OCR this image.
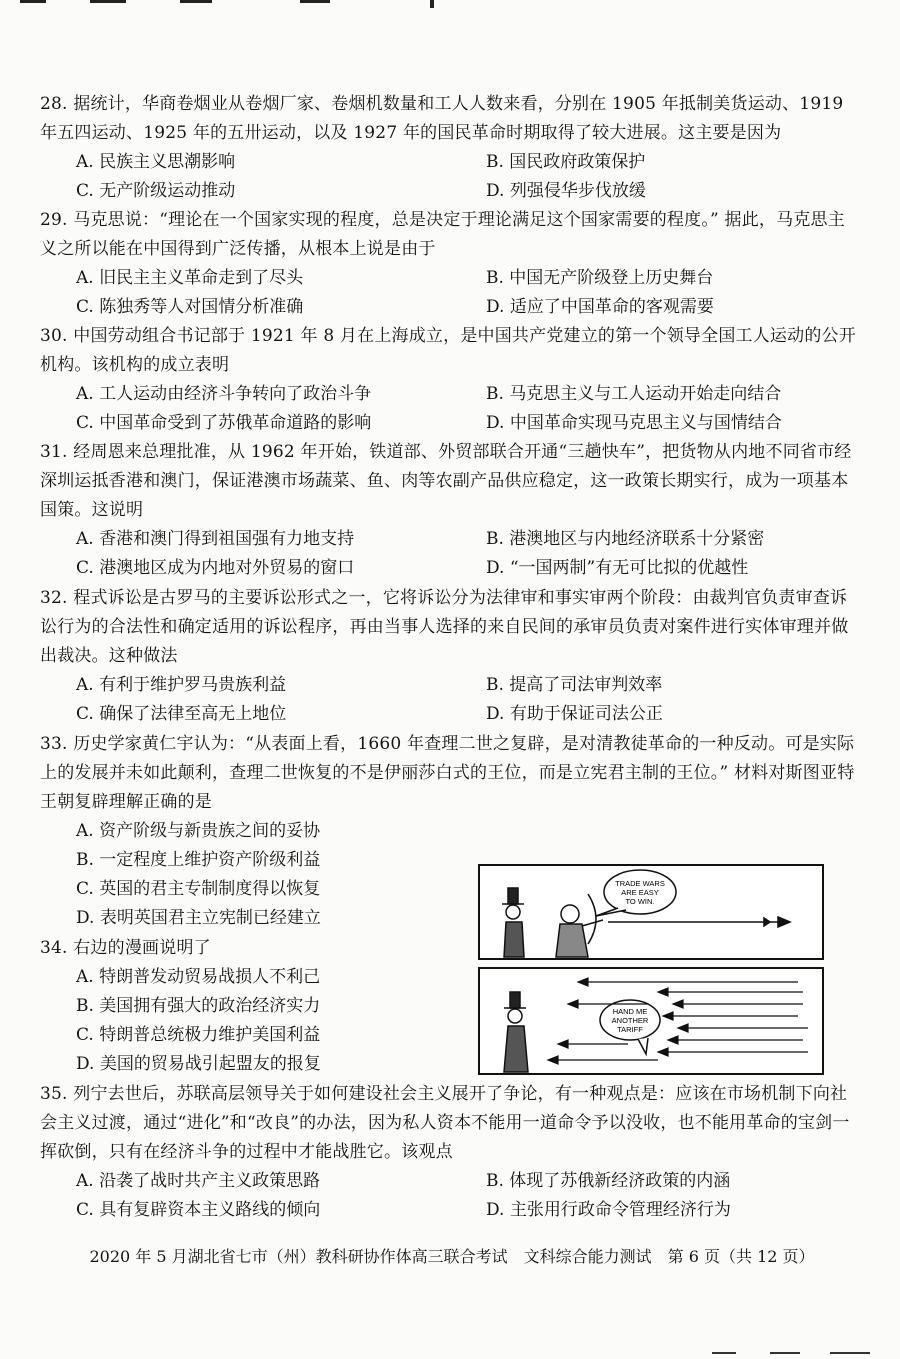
28. 据统计，华商卷烟业从卷烟厂家、卷烟机数量和工人人数来看，分别在 1905 年抵制美货运动、1919 年五四运动、1925 年的五卅运动，以及 1927 年的国民革命时期取得了较大进展。这主要是因为

A. 民族主义思潮影响	B. 国民政府政策保护
C. 无产阶级运动推动	D. 列强侵华步伐放缓

29. 马克思说：“理论在一个国家实现的程度，总是决定于理论满足这个国家需要的程度。” 据此，马克思主义之所以能在中国得到广泛传播，从根本上说是由于

A. 旧民主主义革命走到了尽头	B. 中国无产阶级登上历史舞台
C. 陈独秀等人对国情分析准确	D. 适应了中国革命的客观需要

30. 中国劳动组合书记部于 1921 年 8 月在上海成立，是中国共产党建立的第一个领导全国工人运动的公开机构。该机构的成立表明

A. 工人运动由经济斗争转向了政治斗争	B. 马克思主义与工人运动开始走向结合
C. 中国革命受到了苏俄革命道路的影响	D. 中国革命实现马克思主义与国情结合

31. 经周恩来总理批准，从 1962 年开始，铁道部、外贸部联合开通“三趟快车”，把货物从内地不同省市经深圳运抵香港和澳门，保证港澳市场蔬菜、鱼、肉等农副产品供应稳定，这一政策长期实行，成为一项基本国策。这说明

A. 香港和澳门得到祖国强有力地支持	B. 港澳地区与内地经济联系十分紧密
C. 港澳地区成为内地对外贸易的窗口	D. “一国两制”有无可比拟的优越性

32. 程式诉讼是古罗马的主要诉讼形式之一，它将诉讼分为法律审和事实审两个阶段：由裁判官负责审查诉讼行为的合法性和确定适用的诉讼程序，再由当事人选择的来自民间的承审员负责对案件进行实体审理并做出裁决。这种做法

A. 有利于维护罗马贵族利益	B. 提高了司法审判效率
C. 确保了法律至高无上地位	D. 有助于保证司法公正

33. 历史学家黄仁宇认为：“从表面上看，1660 年查理二世之复辟，是对清教徒革命的一种反动。可是实际上的发展并未如此颠利，查理二世恢复的不是伊丽莎白式的王位，而是立宪君主制的王位。” 材料对斯图亚特王朝复辟理解正确的是

A. 资产阶级与新贵族之间的妥协
B. 一定程度上维护资产阶级利益
C. 英国的君主专制制度得以恢复
D. 表明英国君主立宪制已经建立

34. 右边的漫画说明了

A. 特朗普发动贸易战损人不利己
B. 美国拥有强大的政治经济实力
C. 特朗普总统极力维护美国利益
D. 美国的贸易战引起盟友的报复
TRADE WARS
ARE EASY
TO WIN.
HAND ME
ANOTHER
TARIFF

35. 列宁去世后，苏联高层领导关于如何建设社会主义展开了争论，有一种观点是：应该在市场机制下向社会主义过渡，通过“进化”和“改良”的办法，因为私人资本不能用一道命令予以没收，也不能用革命的宝剑一挥砍倒，只有在经济斗争的过程中才能战胜它。该观点

A. 沿袭了战时共产主义政策思路	B. 体现了苏俄新经济政策的内涵
C. 具有复辟资本主义路线的倾向	D. 主张用行政命令管理经济行为
2020 年 5 月湖北省七市（州）教科研协作体高三联合考试　文科综合能力测试　第 6 页（共 12 页）
